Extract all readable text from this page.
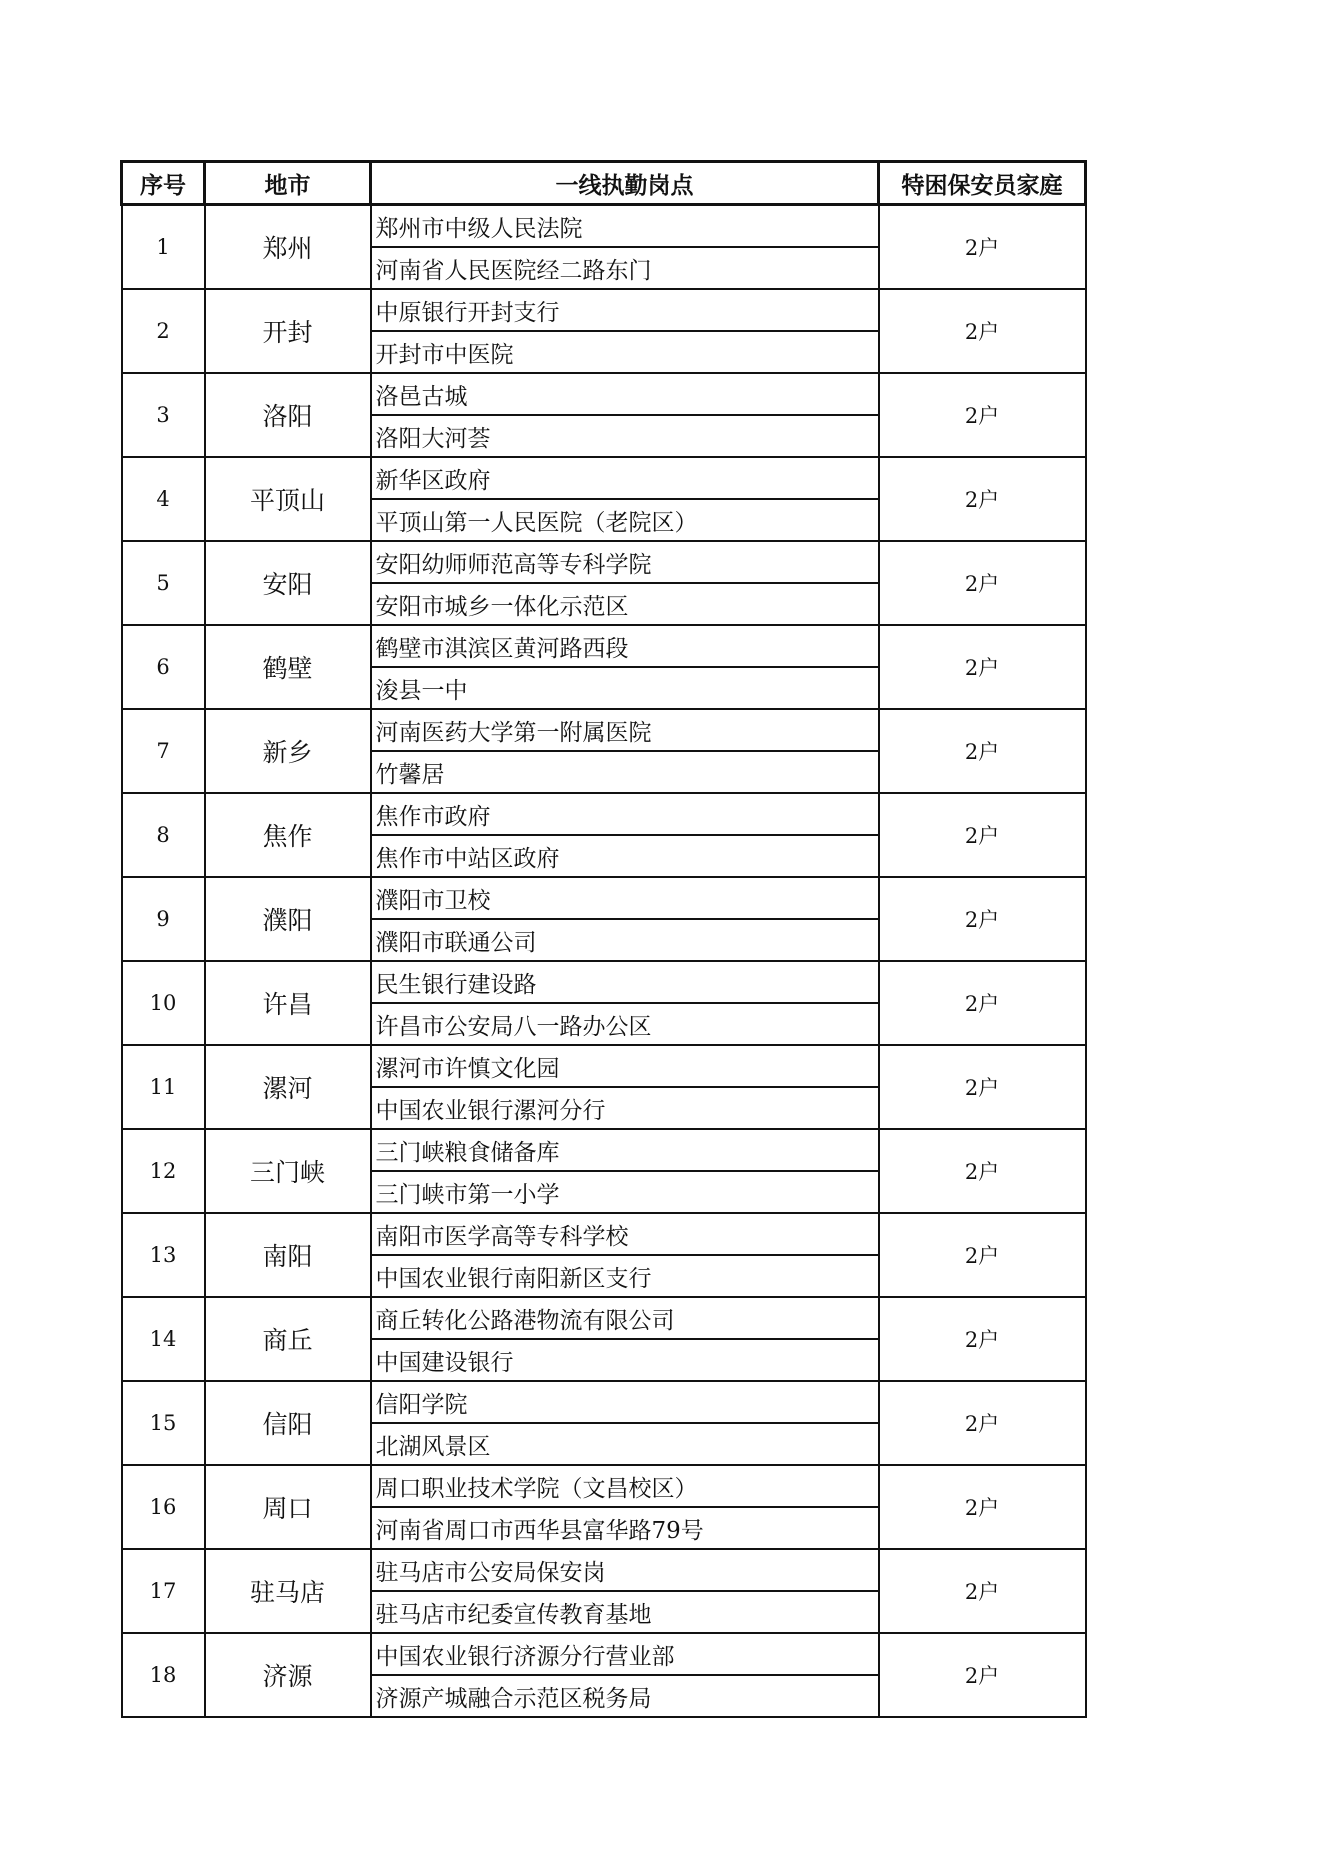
序号	地市	一线执勤岗点	特困保安员家庭
1	郑州	郑州市中级人民法院	2户
		河南省人民医院经二路东门	
2	开封	中原银行开封支行	2户
		开封市中医院	
3	洛阳	洛邑古城	2户
		洛阳大河荟	
4	平顶山	新华区政府	2户
		平顶山第一人民医院（老院区）	
5	安阳	安阳幼师师范高等专科学院	2户
		安阳市城乡一体化示范区	
6	鹤壁	鹤壁市淇滨区黄河路西段	2户
		浚县一中	
7	新乡	河南医药大学第一附属医院	2户
		竹馨居	
8	焦作	焦作市政府	2户
		焦作市中站区政府	
9	濮阳	濮阳市卫校	2户
		濮阳市联通公司	
10	许昌	民生银行建设路	2户
		许昌市公安局八一路办公区	
11	漯河	漯河市许慎文化园	2户
		中国农业银行漯河分行	
12	三门峡	三门峡粮食储备库	2户
		三门峡市第一小学	
13	南阳	南阳市医学高等专科学校	2户
		中国农业银行南阳新区支行	
14	商丘	商丘转化公路港物流有限公司	2户
		中国建设银行	
15	信阳	信阳学院	2户
		北湖风景区	
16	周口	周口职业技术学院（文昌校区）	2户
		河南省周口市西华县富华路79号	
17	驻马店	驻马店市公安局保安岗	2户
		驻马店市纪委宣传教育基地	
18	济源	中国农业银行济源分行营业部	2户
		济源产城融合示范区税务局	
